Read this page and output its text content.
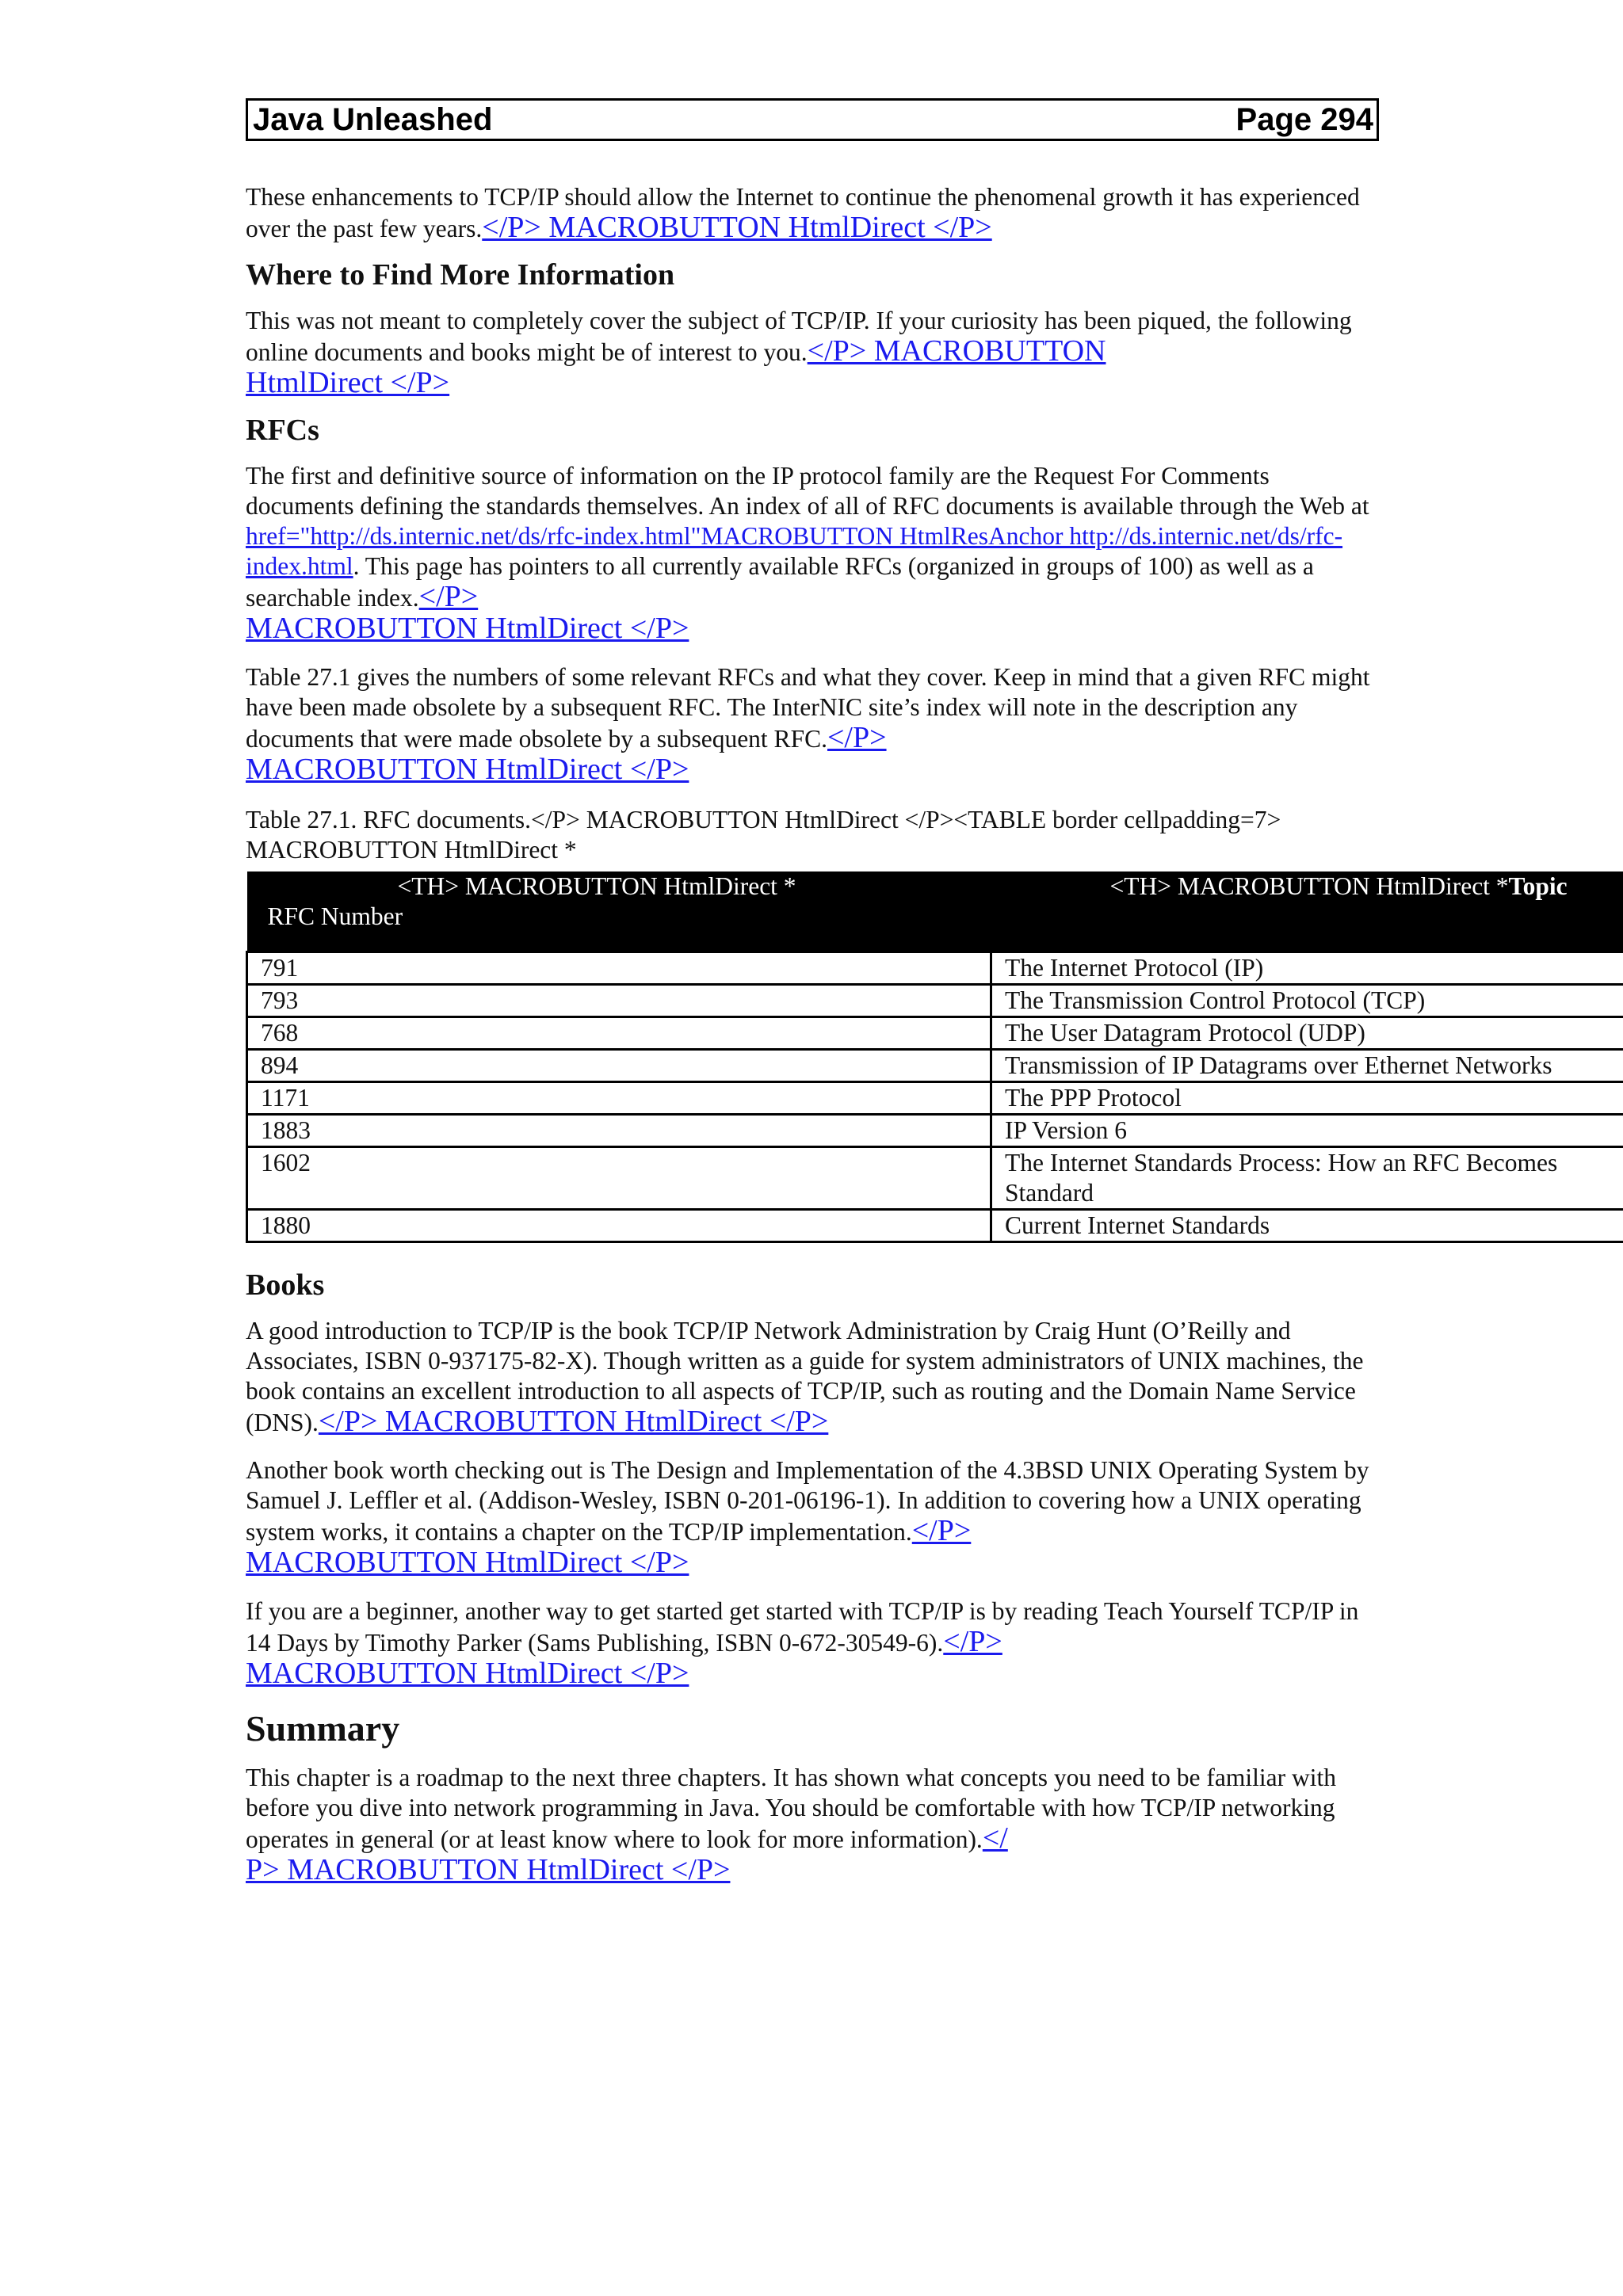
Java Unleashed	Page 294

These enhancements to TCP/IP should allow the Internet to continue the phenomenal growth it has experienced over the past few years.</P> MACROBUTTON HtmlDirect </P>

Where to Find More Information

This was not meant to completely cover the subject of TCP/IP. If your curiosity has been piqued, the following online documents and books might be of interest to you.</P> MACROBUTTON
HtmlDirect </P>

RFCs

The first and definitive source of information on the IP protocol family are the Request For Comments documents defining the standards themselves. An index of all of RFC documents is available through the Web at href="http://ds.internic.net/ds/rfc-index.html"MACROBUTTON HtmlResAnchor http://ds.internic.net/ds/rfc-index.html. This page has pointers to all currently available RFCs (organized in groups of 100) as well as a searchable index.</P>
MACROBUTTON HtmlDirect </P>

Table 27.1 gives the numbers of some relevant RFCs and what they cover. Keep in mind that a given RFC might have been made obsolete by a subsequent RFC. The InterNIC site’s index will note in the description any documents that were made obsolete by a subsequent RFC.</P>
MACROBUTTON HtmlDirect </P>

Table 27.1. RFC documents.</P> MACROBUTTON HtmlDirect </P><TABLE border cellpadding=7> MACROBUTTON HtmlDirect *

<TH> MACROBUTTON HtmlDirect *
RFC Number	<TH> MACROBUTTON HtmlDirect *Topic

791	The Internet Protocol (IP)
793	The Transmission Control Protocol (TCP)
768	The User Datagram Protocol (UDP)
894	Transmission of IP Datagrams over Ethernet Networks
1171	The PPP Protocol
1883	IP Version 6
1602	The Internet Standards Process: How an RFC Becomes Standard
1880	Current Internet Standards
Books

A good introduction to TCP/IP is the book TCP/IP Network Administration by Craig Hunt (O’Reilly and Associates, ISBN 0-937175-82-X). Though written as a guide for system administrators of UNIX machines, the book contains an excellent introduction to all aspects of TCP/IP, such as routing and the Domain Name Service (DNS).</P> MACROBUTTON HtmlDirect </P>

Another book worth checking out is The Design and Implementation of the 4.3BSD UNIX Operating System by Samuel J. Leffler et al. (Addison-Wesley, ISBN 0-201-06196-1). In addition to covering how a UNIX operating system works, it contains a chapter on the TCP/IP implementation.</P>
MACROBUTTON HtmlDirect </P>

If you are a beginner, another way to get started get started with TCP/IP is by reading Teach Yourself TCP/IP in 14 Days by Timothy Parker (Sams Publishing, ISBN 0-672-30549-6).</P>
MACROBUTTON HtmlDirect </P>

Summary

This chapter is a roadmap to the next three chapters. It has shown what concepts you need to be familiar with before you dive into network programming in Java. You should be comfortable with how TCP/IP networking operates in general (or at least know where to look for more information).</
P> MACROBUTTON HtmlDirect </P>
